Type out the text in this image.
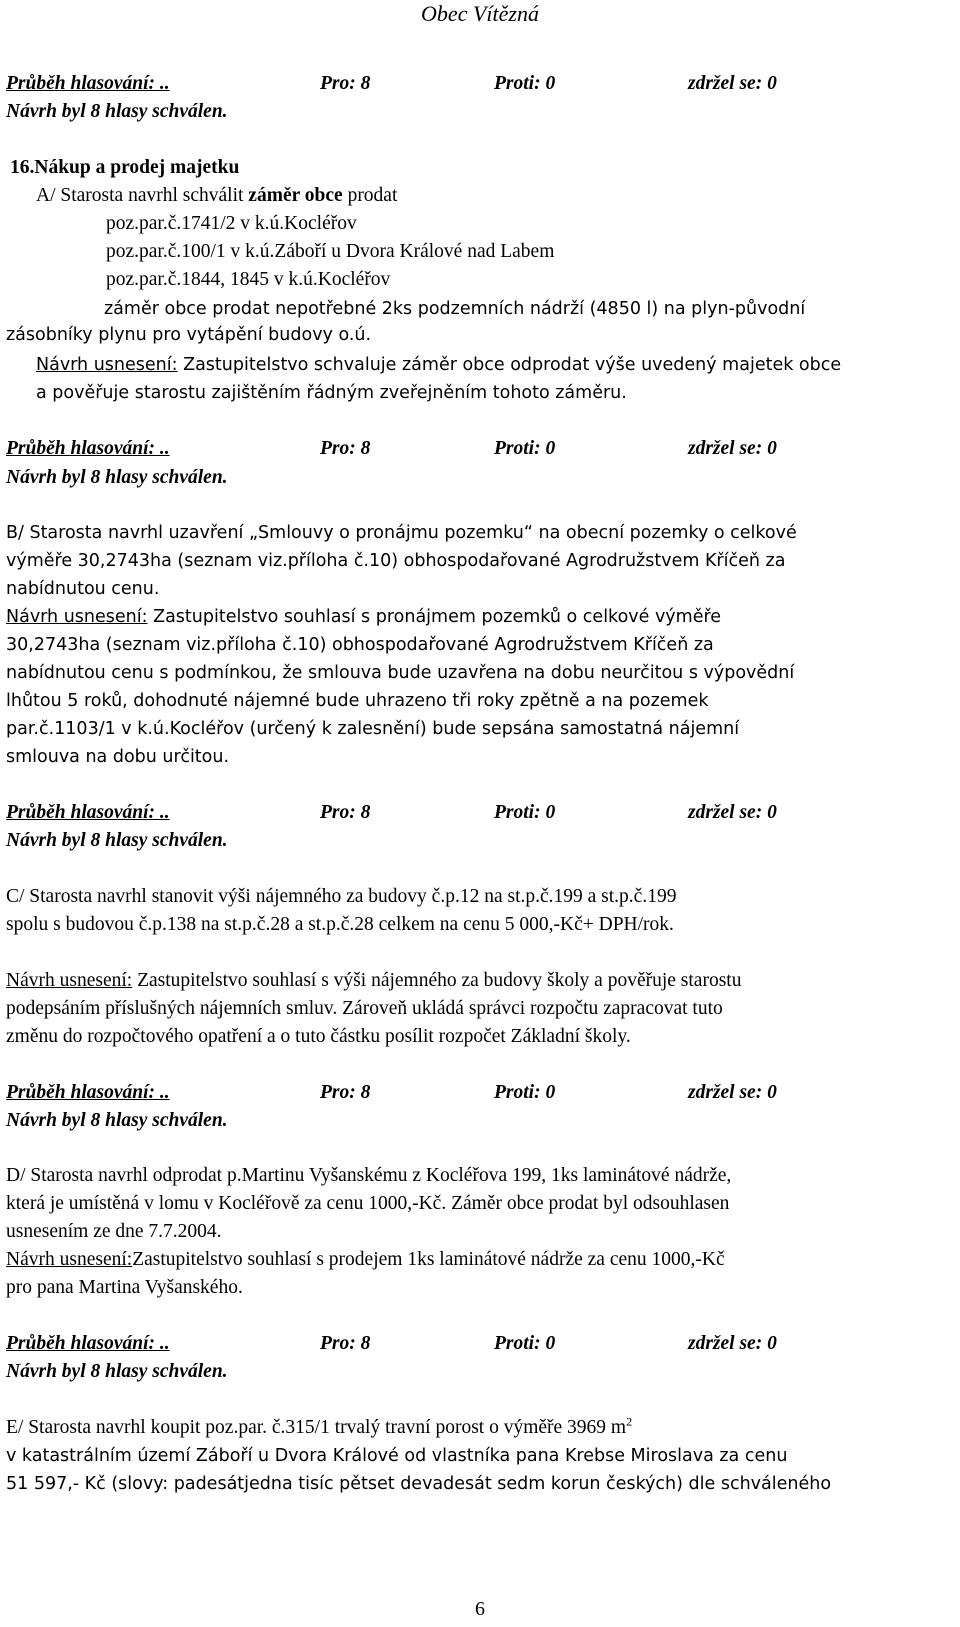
Obec Vítězná
Průběh hlasování: ..	Pro: 8	Proti: 0	zdržel se: 0
Návrh byl 8 hlasy schválen.
16.Nákup a prodej majetku
A/ Starosta navrhl schválit záměr obce prodat
poz.par.č.1741/2 v k.ú.Kocléřov
poz.par.č.100/1 v k.ú.Záboří u Dvora Králové nad Labem
poz.par.č.1844, 1845 v k.ú.Kocléřov
záměr obce prodat nepotřebné 2ks podzemních nádrží (4850 l) na plyn-původní
zásobníky plynu pro vytápění budovy o.ú.
Návrh usnesení: Zastupitelstvo schvaluje záměr obce odprodat výše uvedený majetek obce
a pověřuje starostu zajištěním řádným zveřejněním tohoto záměru.
Průběh hlasování: ..	Pro: 8	Proti: 0	zdržel se: 0
Návrh byl 8 hlasy schválen.
B/ Starosta navrhl uzavření „Smlouvy o pronájmu pozemku“ na obecní pozemky o celkové
výměře 30,2743ha (seznam viz.příloha č.10) obhospodařované Agrodružstvem Kříčeň za
nabídnutou cenu.
Návrh usnesení: Zastupitelstvo souhlasí s pronájmem pozemků o celkové výměře
30,2743ha (seznam viz.příloha č.10) obhospodařované Agrodružstvem Kříčeň za
nabídnutou cenu s podmínkou, že smlouva bude uzavřena na dobu neurčitou s výpovědní
lhůtou 5 roků, dohodnuté nájemné bude uhrazeno tři roky zpětně a na pozemek
par.č.1103/1 v k.ú.Kocléřov (určený k zalesnění) bude sepsána samostatná nájemní
smlouva na dobu určitou.
Průběh hlasování: ..	Pro: 8	Proti: 0	zdržel se: 0
Návrh byl 8 hlasy schválen.
C/ Starosta navrhl stanovit výši nájemného za budovy č.p.12 na st.p.č.199 a st.p.č.199
spolu s budovou č.p.138 na st.p.č.28 a st.p.č.28 celkem na cenu 5 000,-Kč+ DPH/rok.
Návrh usnesení: Zastupitelstvo souhlasí s výši nájemného za budovy školy a pověřuje starostu
podepsáním příslušných nájemních smluv. Zároveň ukládá správci rozpočtu zapracovat tuto
změnu do rozpočtového opatření a o tuto částku posílit rozpočet Základní školy.
Průběh hlasování: ..	Pro: 8	Proti: 0	zdržel se: 0
Návrh byl 8 hlasy schválen.
D/ Starosta navrhl odprodat p.Martinu Vyšanskému z Kocléřova 199, 1ks laminátové nádrže,
která je umístěná v lomu v Kocléřově za cenu 1000,-Kč. Záměr obce prodat byl odsouhlasen
usnesením ze dne 7.7.2004.
Návrh usnesení:Zastupitelstvo souhlasí s prodejem 1ks laminátové nádrže za cenu 1000,-Kč
pro pana Martina Vyšanského.
Průběh hlasování: ..	Pro: 8	Proti: 0	zdržel se: 0
Návrh byl 8 hlasy schválen.
E/ Starosta navrhl koupit poz.par. č.315/1 trvalý travní porost o výměře 3969 $m^2$
v katastrálním území Záboří u Dvora Králové od vlastníka pana Krebse Miroslava za cenu
51 597,- Kč (slovy: padesátjedna tisíc pětset devadesát sedm korun českých) dle schváleného
6
